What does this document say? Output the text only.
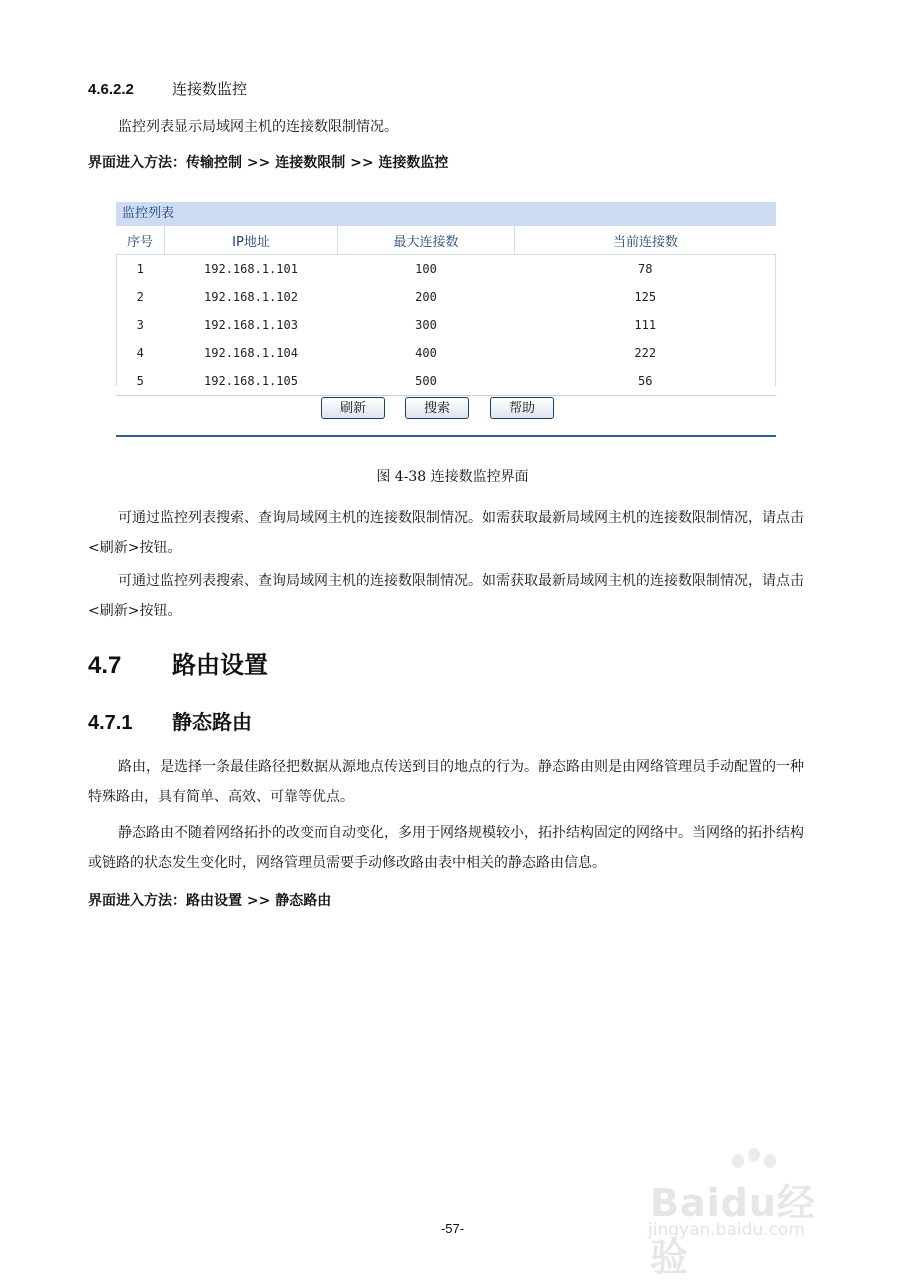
4.6.2.2	连接数监控
监控列表显示局域网主机的连接数限制情况。
界面进入方法：传输控制 >> 连接数限制 >> 连接数监控
监控列表
序号	IP地址	最大连接数	当前连接数
1	192.168.1.101	100	78
2	192.168.1.102	200	125
3	192.168.1.103	300	111
4	192.168.1.104	400	222
5	192.168.1.105	500	56
刷新	搜索	帮助
图 4-38 连接数监控界面
可通过监控列表搜索、查询局域网主机的连接数限制情况。如需获取最新局域网主机的连接数限制情况，请点击<刷新>按钮。
可通过监控列表搜索、查询局域网主机的连接数限制情况。如需获取最新局域网主机的连接数限制情况，请点击<刷新>按钮。
4.7 路由设置
4.7.1 静态路由
路由，是选择一条最佳路径把数据从源地点传送到目的地点的行为。静态路由则是由网络管理员手动配置的一种特殊路由，具有简单、高效、可靠等优点。
静态路由不随着网络拓扑的改变而自动变化，多用于网络规模较小，拓扑结构固定的网络中。当网络的拓扑结构或链路的状态发生变化时，网络管理员需要手动修改路由表中相关的静态路由信息。
界面进入方法：路由设置 >> 静态路由
Baidu经验
jingyan.baidu.com
-57-
